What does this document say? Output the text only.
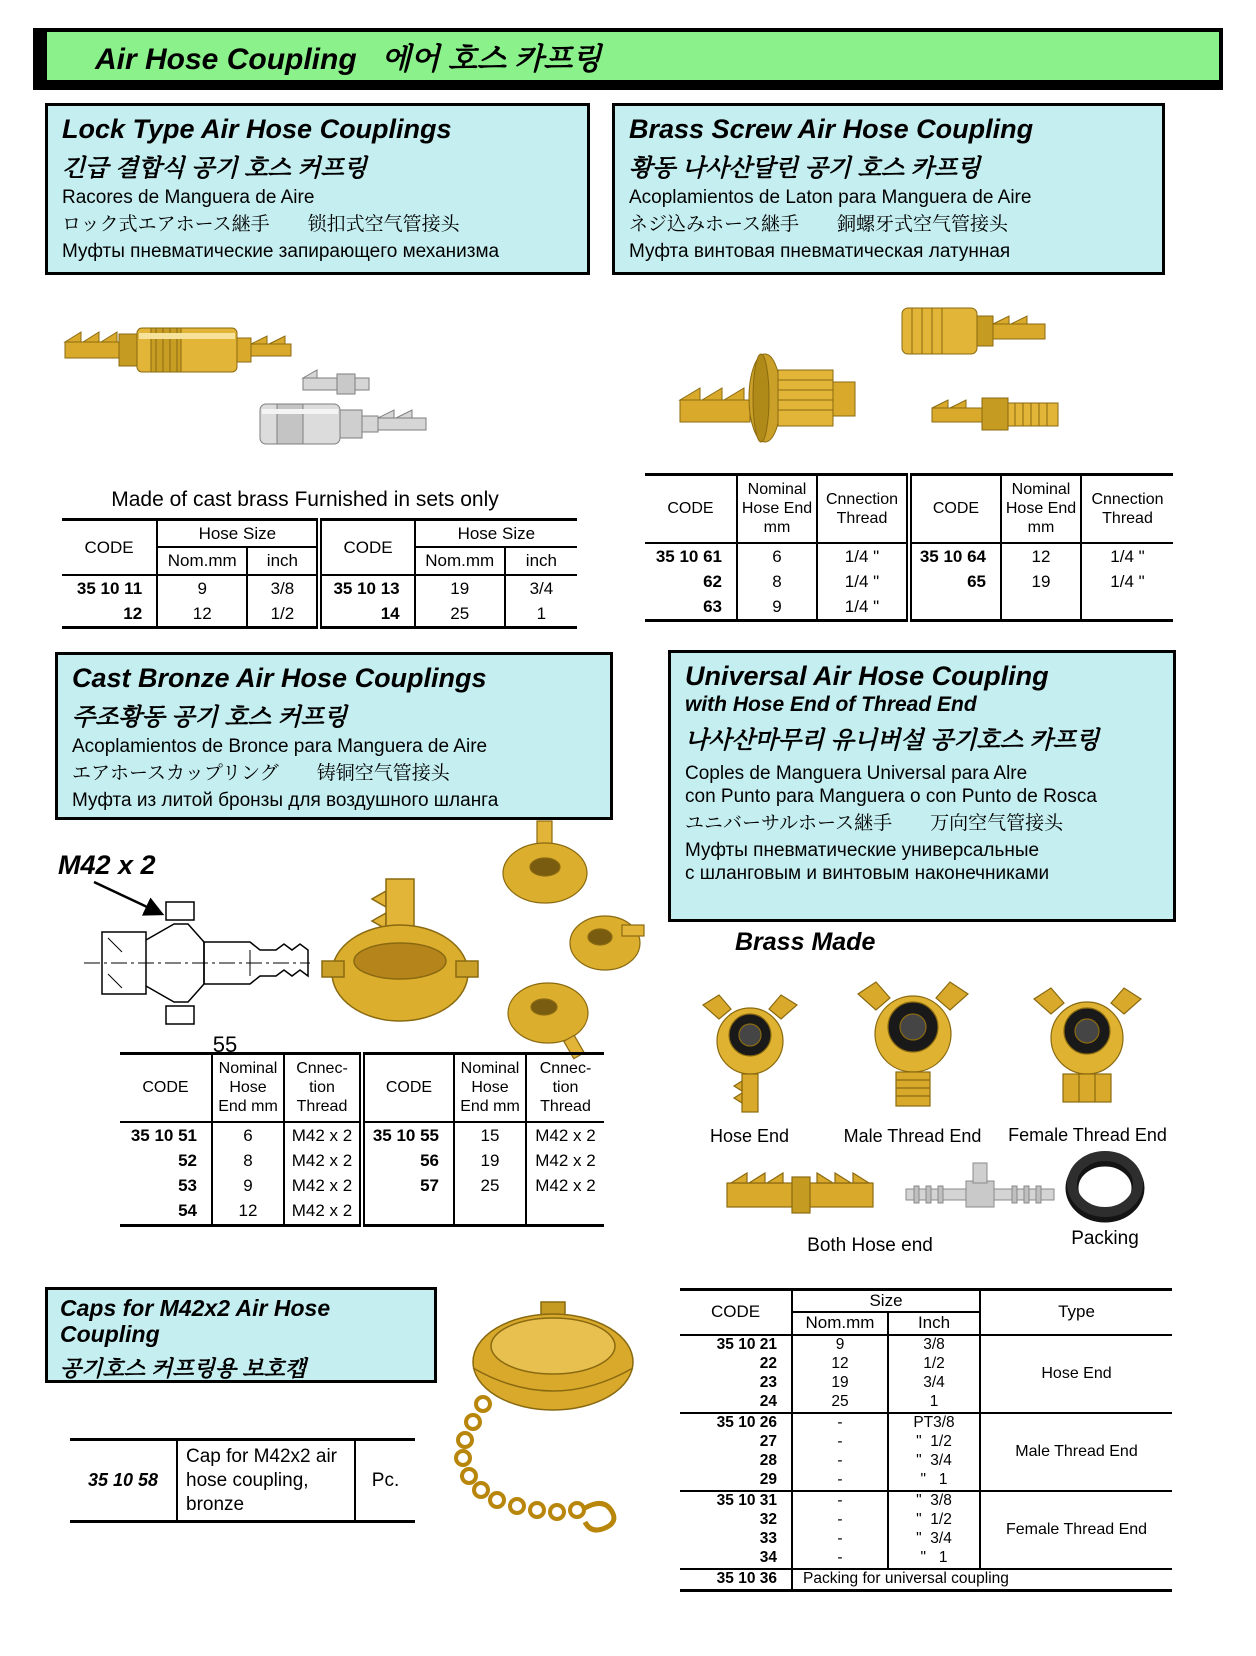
Air Hose Coupling 에어 호스 카프링
Lock Type Air Hose Couplings
긴급 결합식 공기 호스 커프링
Racores de Manguera de Aire
ロック式エアホース継手　　锁扣式空气管接头
Муфты пневматические запирающего механизма
Made of cast brass Furnished in sets only
CODE	Hose Size		CODE	Hose Size	
	Nom.mm	inch		Nom.mm	inch
35 10 11	9	3/8	35 10 13	19	3/4
12	12	1/2	14	25	1
Brass Screw Air Hose Coupling
황동 나사산달린 공기 호스 카프링
Acoplamientos de Laton para Manguera de Aire
ネジ込みホース継手　　銅螺牙式空气管接头
Муфта винтовая пневматическая латунная
CODE	Nominal Hose End mm	Cnnection Thread	CODE	Nominal Hose End mm	Cnnection Thread
35 10 61	6	1/4 "	35 10 64	12	1/4 "
62	8	1/4 "	65	19	1/4 "
63	9	1/4 "			
Cast Bronze Air Hose Couplings
주조황동 공기 호스 커프링
Acoplamientos de Bronce para Manguera de Aire
エアホースカップリング　　铸铜空气管接头
Муфта из литой бронзы для воздушного шланга
M42 x 2
55
CODE	Nominal Hose End mm	Cnnec-tion Thread	CODE	Nominal Hose End mm	Cnnec-tion Thread
35 10 51	6	M42 x 2	35 10 55	15	M42 x 2
52	8	M42 x 2	56	19	M42 x 2
53	9	M42 x 2	57	25	M42 x 2
54	12	M42 x 2			
Universal Air Hose Coupling
with Hose End of Thread End
나사산마무리 유니버설 공기호스 카프링
Coples de Manguera Universal para Alre
con Punto para Manguera o con Punto de Rosca
ユニバーサルホース継手　　万向空气管接头
Муфты пневматические универсальные
с шланговым и винтовым наконечниками
Brass Made
Hose End	Male Thread End	Female Thread End
Both Hose end	Packing
CODE	Size		Type
	Nom.mm	Inch	
35 10 21	9	3/8	Hose End
22	12	1/2	
23	19	3/4	
24	25	1	
35 10 26	-	PT3/8	Male Thread End
27	-	"  1/2	
28	-	"  3/4	
29	-	"   1	
35 10 31	-	"  3/8	Female Thread End
32	-	"  1/2	
33	-	"  3/4	
34	-	"   1	
35 10 36	Packing for universal coupling		
Caps for M42x2 Air Hose Coupling
공기호스 커프링용 보호캡
35 10 58	Cap for M42x2 air hose coupling, bronze	Pc.
